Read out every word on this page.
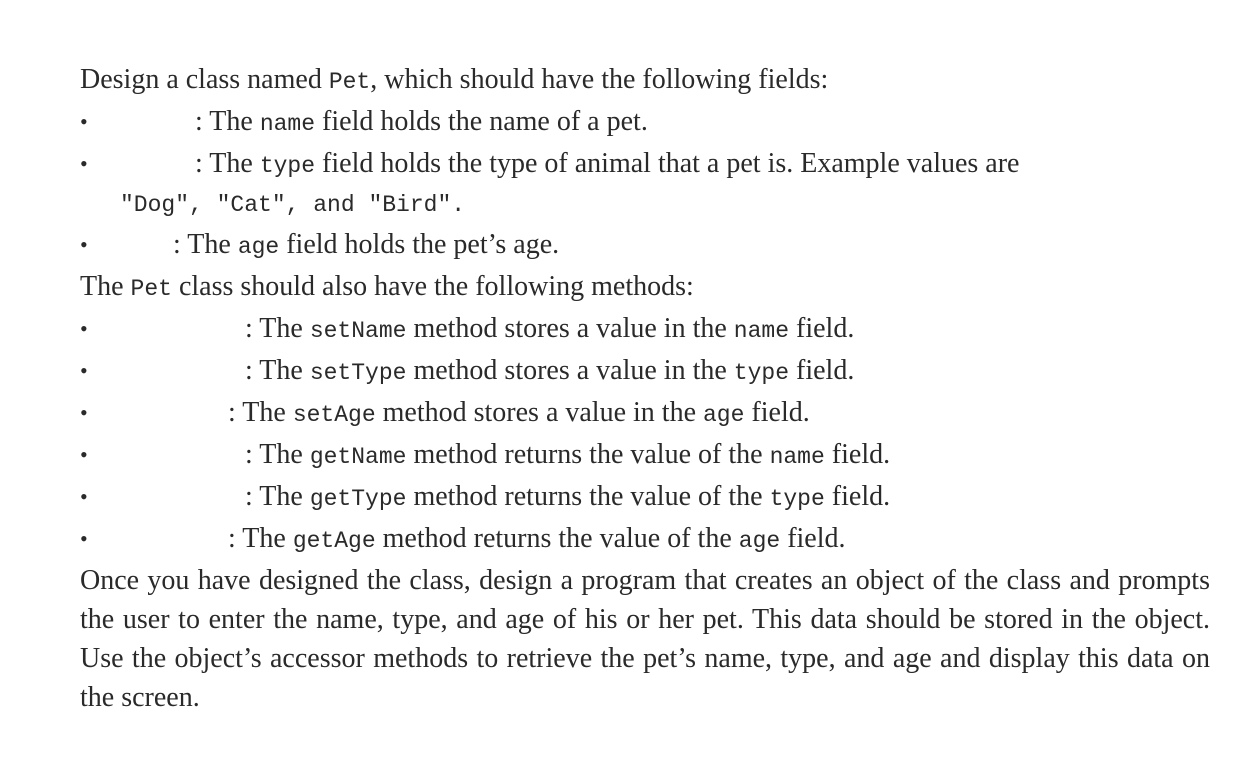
Design a class named Pet, which should have the following fields:
•	: The name field holds the name of a pet.
•	: The type field holds the type of animal that a pet is. Example values are
"Dog", "Cat", and "Bird".
•	: The age field holds the pet’s age.
The Pet class should also have the following methods:
•	: The setName method stores a value in the name field.
•	: The setType method stores a value in the type field.
•	: The setAge method stores a value in the age field.
•	: The getName method returns the value of the name field.
•	: The getType method returns the value of the type field.
•	: The getAge method returns the value of the age field.
Once you have designed the class, design a program that creates an object of the class and prompts the user to enter the name, type, and age of his or her pet. This data should be stored in the object. Use the object’s accessor methods to retrieve the pet’s name, type, and age and display this data on the screen.
